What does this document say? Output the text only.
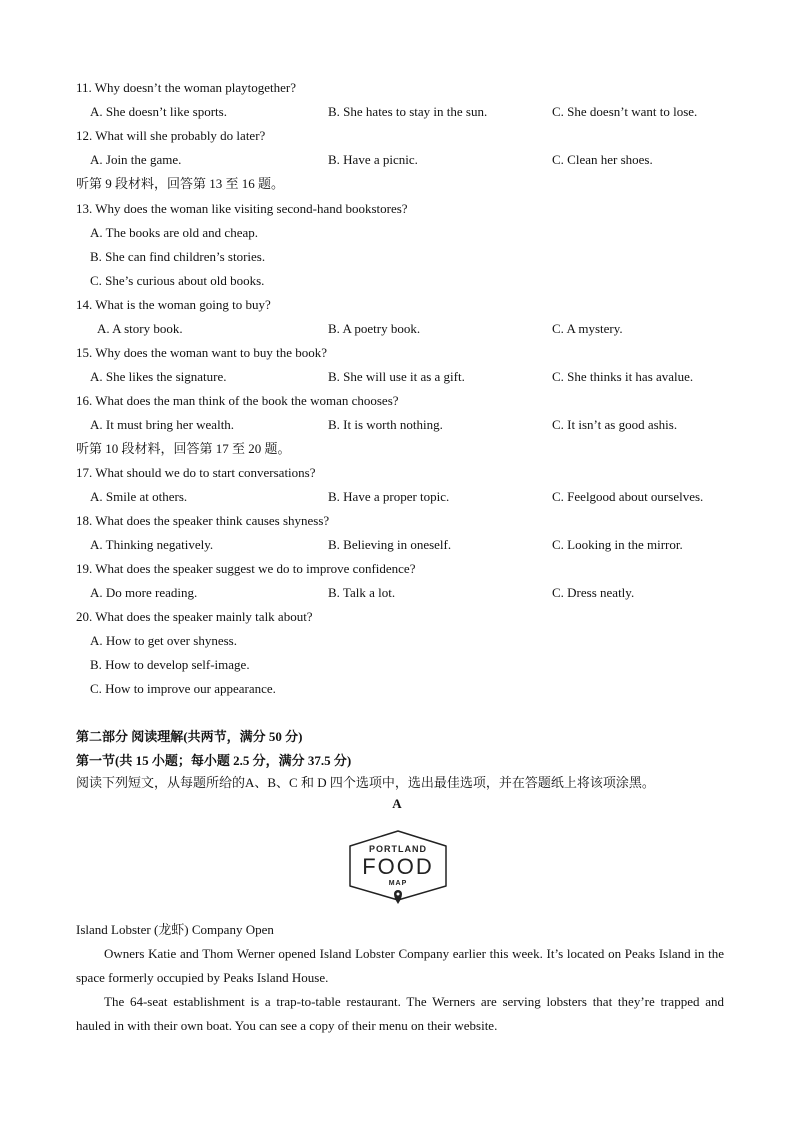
11. Why doesn’t the woman playtogether?
A. She doesn’t like sports.	B. She hates to stay in the sun.	C. She doesn’t want to lose.
12. What will she probably do later?
A. Join the game.	B. Have a picnic.	C. Clean her shoes.
听第 9 段材料，回答第 13 至 16 题。
13. Why does the woman like visiting second-hand bookstores?
A. The books are old and cheap.
B. She can find children’s stories.
C. She’s curious about old books.
14. What is the woman going to buy?
A. A story book.	B. A poetry book.	C. A mystery.
15. Why does the woman want to buy the book?
A. She likes the signature.	B. She will use it as a gift.	C. She thinks it has avalue.
16. What does the man think of the book the woman chooses?
A. It must bring her wealth.	B. It is worth nothing.	C. It isn’t as good ashis.
听第 10 段材料，回答第 17 至 20 题。
17. What should we do to start conversations?
A. Smile at others.	B. Have a proper topic.	C. Feelgood about ourselves.
18. What does the speaker think causes shyness?
A. Thinking negatively.	B. Believing in oneself.	C. Looking in the mirror.
19. What does the speaker suggest we do to improve confidence?
A. Do more reading.	B. Talk a lot.	C. Dress neatly.
20. What does the speaker mainly talk about?
A. How to get over shyness.
B. How to develop self-image.
C. How to improve our appearance.
第二部分 阅读理解(共两节，满分 50 分)
第一节(共 15 小题；每小题 2.5 分，满分 37.5 分)
阅读下列短文，从每题所给的A、B、C 和 D 四个选项中，选出最佳选项，并在答题纸上将该项涂黑。
A
PORTLAND
FOOD
MAP
Island Lobster (龙虾) Company Open
Owners Katie and Thom Werner opened Island Lobster Company earlier this week. It’s located on Peaks Island in the space formerly occupied by Peaks Island House.
The 64-seat establishment is a trap-to-table restaurant. The Werners are serving lobsters that they’re trapped and hauled in with their own boat. You can see a copy of their menu on their website.
